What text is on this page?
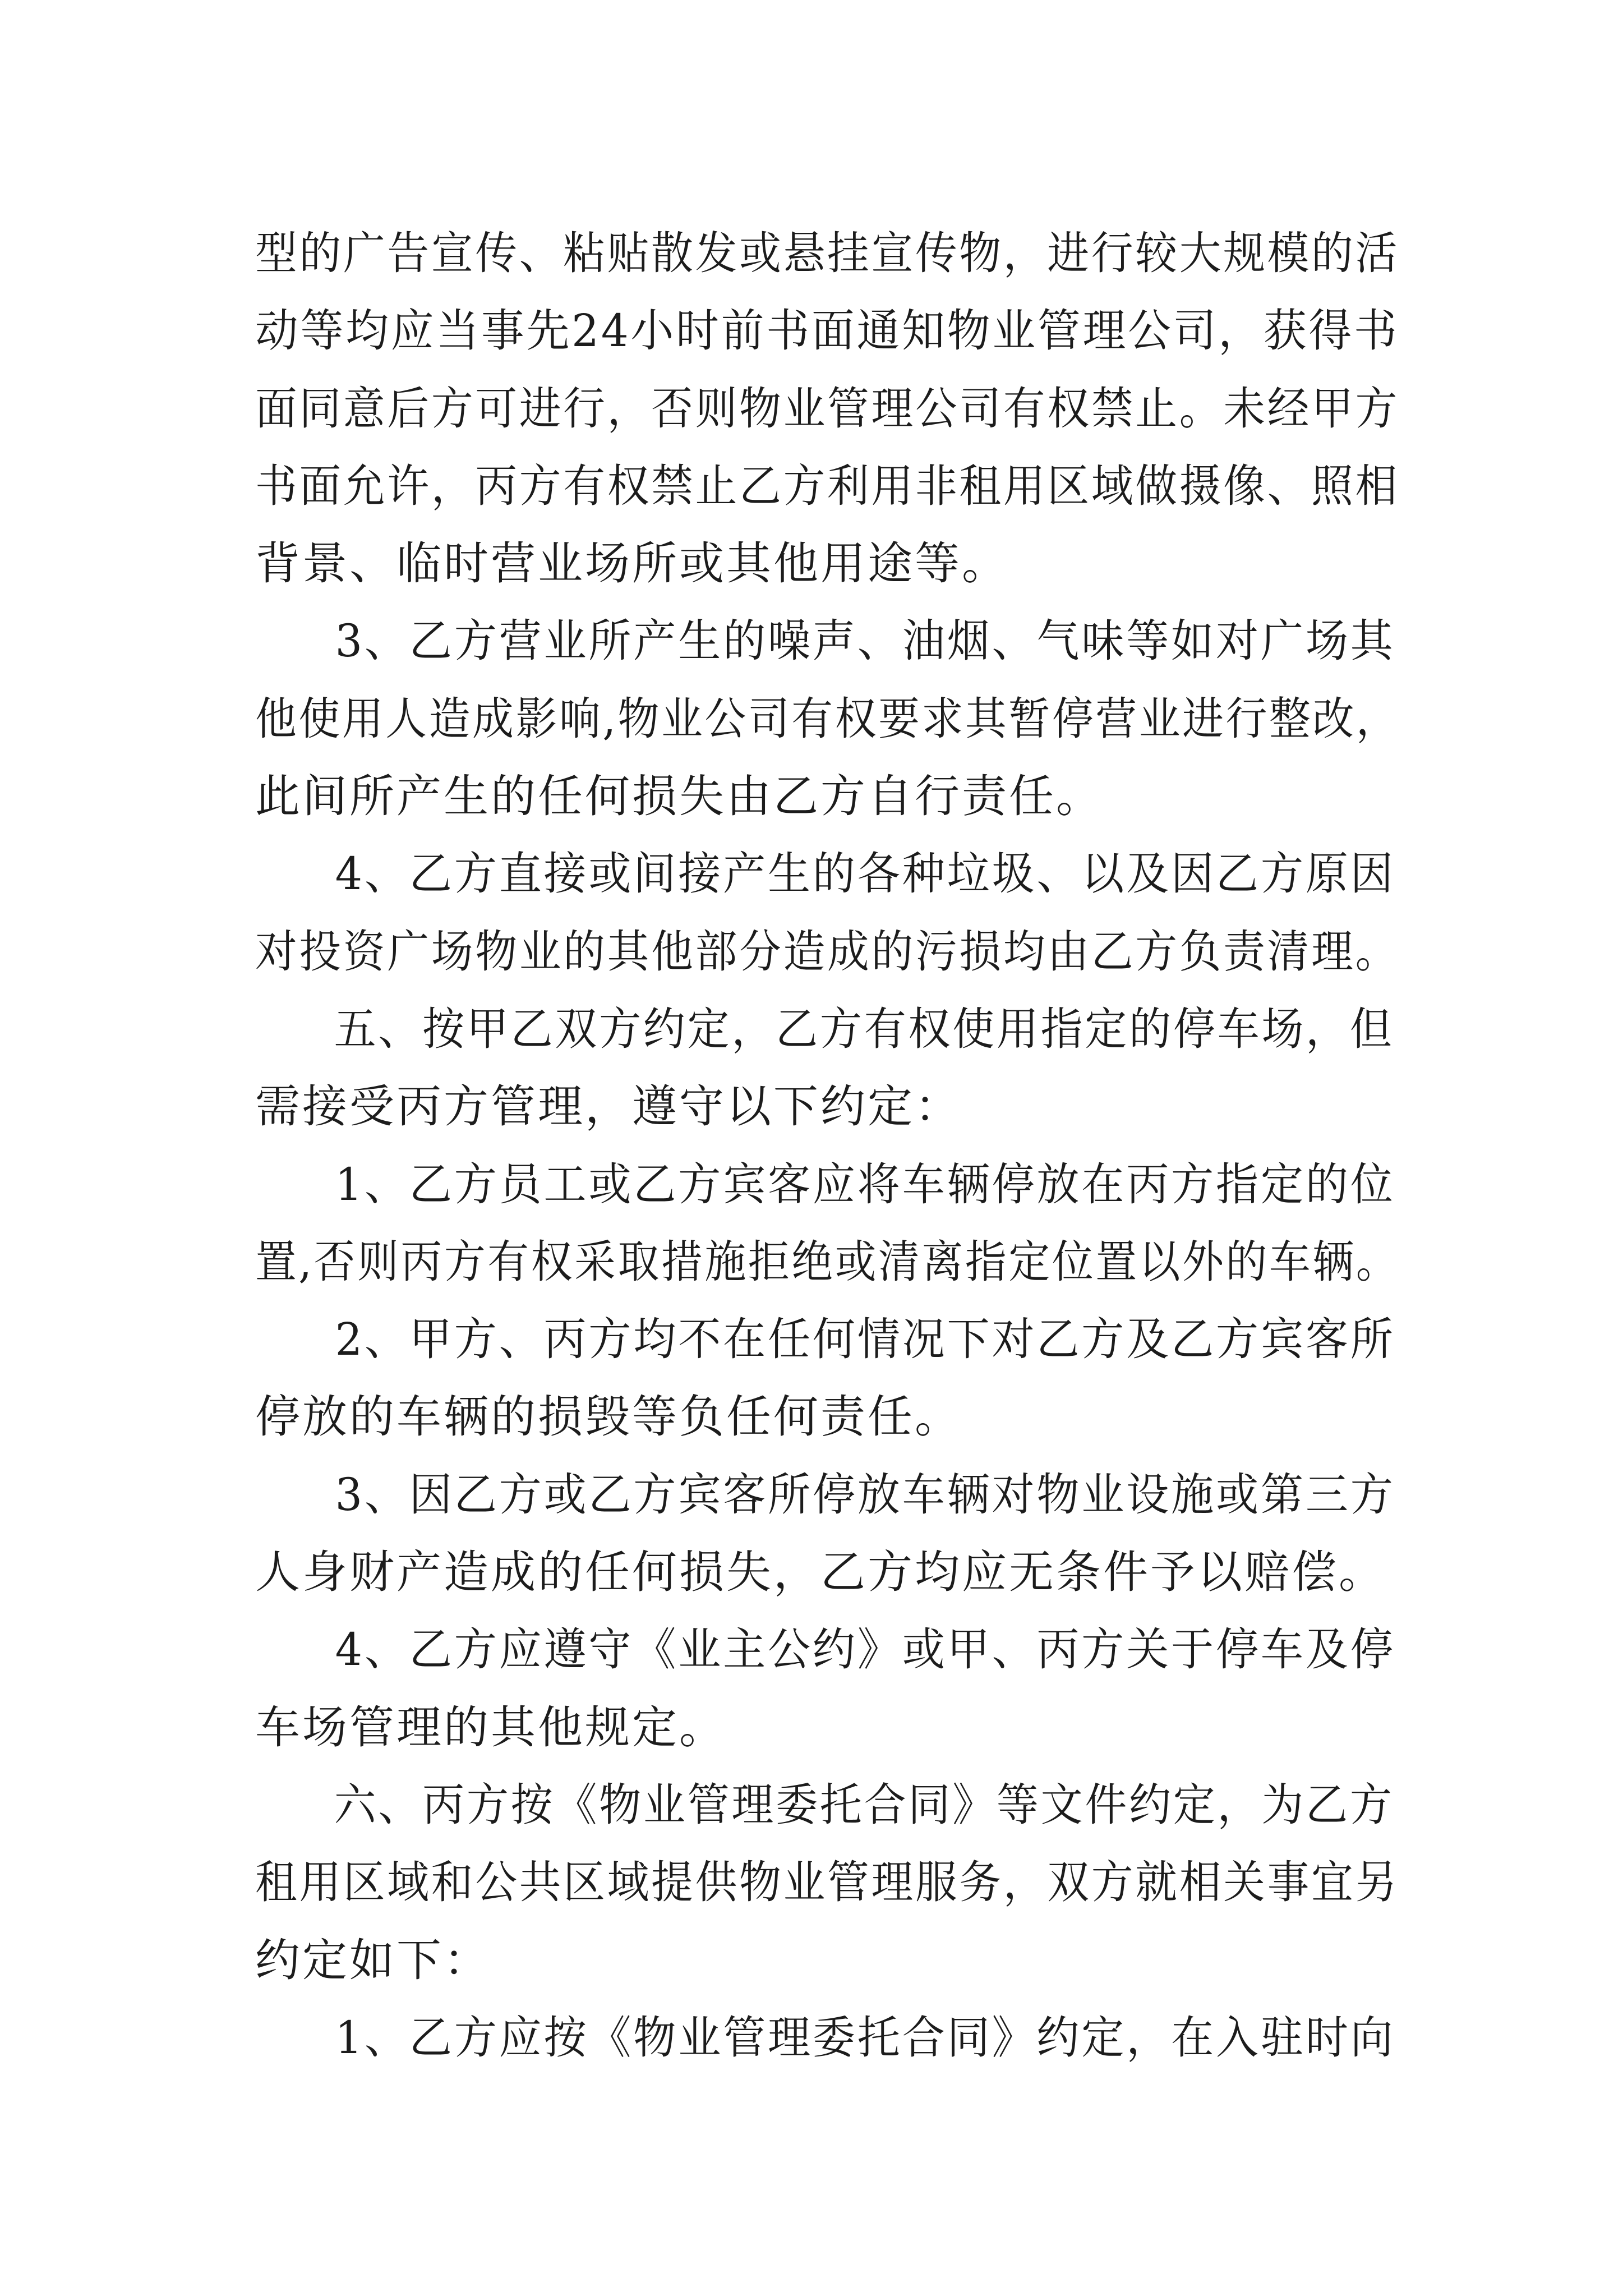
型的广告宣传、粘贴散发或悬挂宣传物，进行较大规模的活
动等均应当事先24小时前书面通知物业管理公司，获得书
面同意后方可进行，否则物业管理公司有权禁止。未经甲方
书面允许，丙方有权禁止乙方利用非租用区域做摄像、照相
背景、临时营业场所或其他用途等。
3、乙方营业所产生的噪声、油烟、气味等如对广场其
他使用人造成影响,物业公司有权要求其暂停营业进行整改，
此间所产生的任何损失由乙方自行责任。
4、乙方直接或间接产生的各种垃圾、以及因乙方原因
对投资广场物业的其他部分造成的污损均由乙方负责清理。
五、按甲乙双方约定，乙方有权使用指定的停车场，但
需接受丙方管理，遵守以下约定：
1、乙方员工或乙方宾客应将车辆停放在丙方指定的位
置,否则丙方有权采取措施拒绝或清离指定位置以外的车辆。
2、甲方、丙方均不在任何情况下对乙方及乙方宾客所
停放的车辆的损毁等负任何责任。
3、因乙方或乙方宾客所停放车辆对物业设施或第三方
人身财产造成的任何损失，乙方均应无条件予以赔偿。
4、乙方应遵守《业主公约》或甲、丙方关于停车及停
车场管理的其他规定。
六、丙方按《物业管理委托合同》等文件约定，为乙方
租用区域和公共区域提供物业管理服务，双方就相关事宜另
约定如下：
1、乙方应按《物业管理委托合同》约定，在入驻时向
